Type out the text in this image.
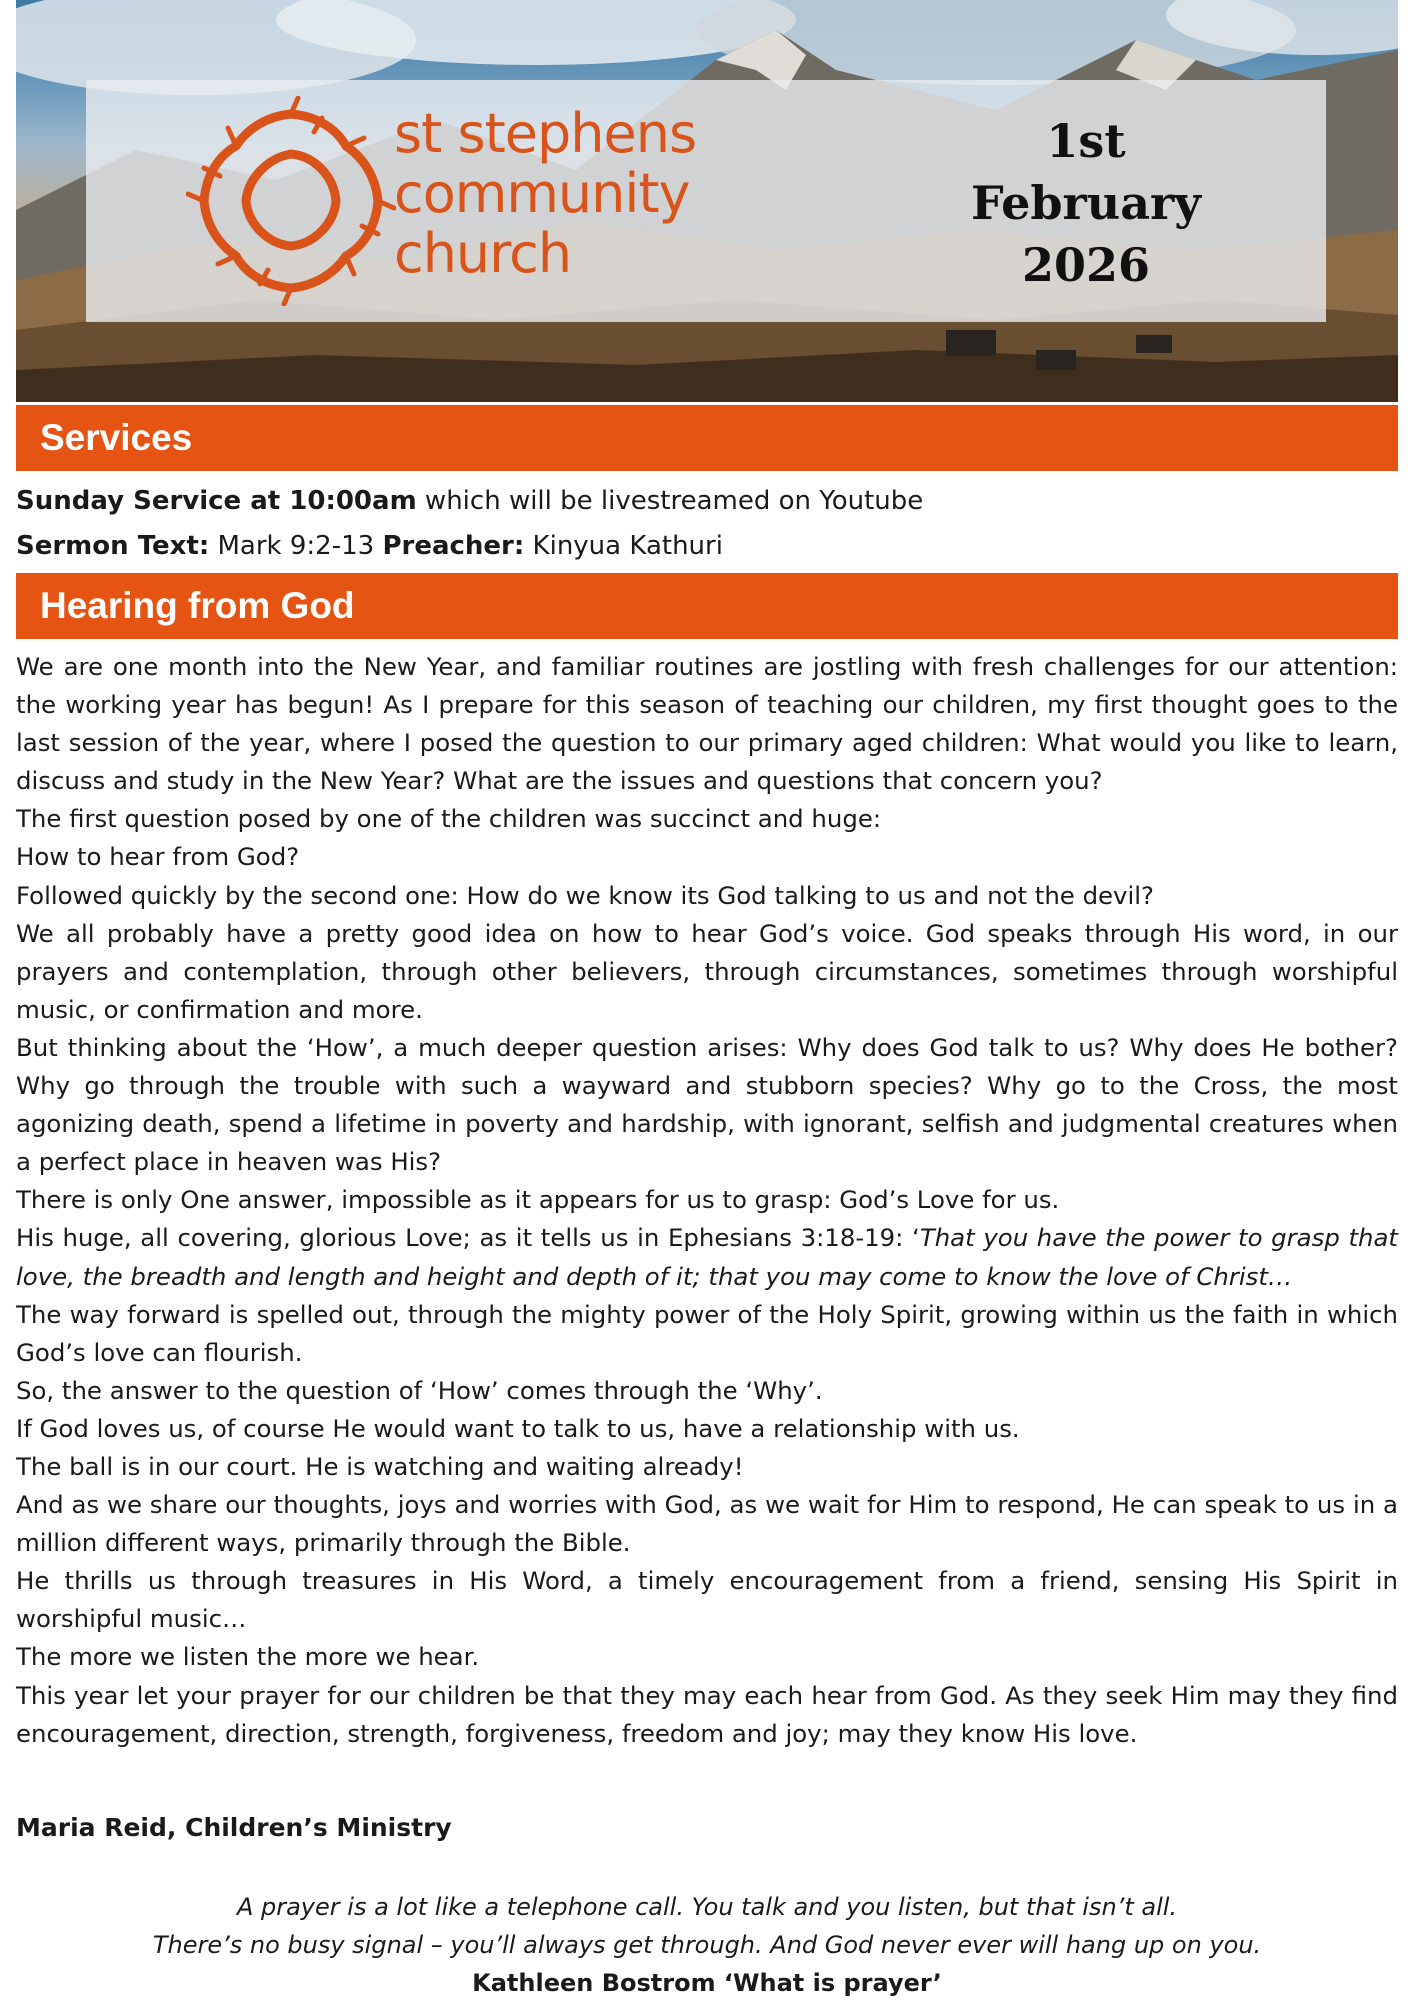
st stephens
community
church
1st
February
2026
Services
Sunday Service at 10:00am which will be livestreamed on Youtube
Sermon Text: Mark 9:2-13 Preacher: Kinyua Kathuri
Hearing from God

We are one month into the New Year, and familiar routines are jostling with fresh challenges for our attention: the working year has begun! As I prepare for this season of teaching our children, my first thought goes to the last session of the year, where I posed the question to our primary aged children: What would you like to learn, discuss and study in the New Year? What are the issues and questions that concern you?

The first question posed by one of the children was succinct and huge:

How to hear from God?

Followed quickly by the second one: How do we know its God talking to us and not the devil?

We all probably have a pretty good idea on how to hear God’s voice. God speaks through His word, in our prayers and contemplation, through other believers, through circumstances, sometimes through worshipful music, or confirmation and more.

But thinking about the ‘How’, a much deeper question arises: Why does God talk to us? Why does He bother? Why go through the trouble with such a wayward and stubborn species? Why go to the Cross, the most agonizing death, spend a lifetime in poverty and hardship, with ignorant, selfish and judgmental creatures when a perfect place in heaven was His?

There is only One answer, impossible as it appears for us to grasp: God’s Love for us.

His huge, all covering, glorious Love; as it tells us in Ephesians 3:18-19: ‘That you have the power to grasp that love, the breadth and length and height and depth of it; that you may come to know the love of Christ…

The way forward is spelled out, through the mighty power of the Holy Spirit, growing within us the faith in which God’s love can flourish.

So, the answer to the question of ‘How’ comes through the ‘Why’.

If God loves us, of course He would want to talk to us, have a relationship with us.

The ball is in our court. He is watching and waiting already!

And as we share our thoughts, joys and worries with God, as we wait for Him to respond, He can speak to us in a million different ways, primarily through the Bible.

He thrills us through treasures in His Word, a timely encouragement from a friend, sensing His Spirit in worshipful music…

The more we listen the more we hear.

This year let your prayer for our children be that they may each hear from God. As they seek Him may they find encouragement, direction, strength, forgiveness, freedom and joy; may they know His love.

Maria Reid, Children’s Ministry
A prayer is a lot like a telephone call. You talk and you listen, but that isn’t all.
There’s no busy signal – you’ll always get through. And God never ever will hang up on you.
Kathleen Bostrom ‘What is prayer’
